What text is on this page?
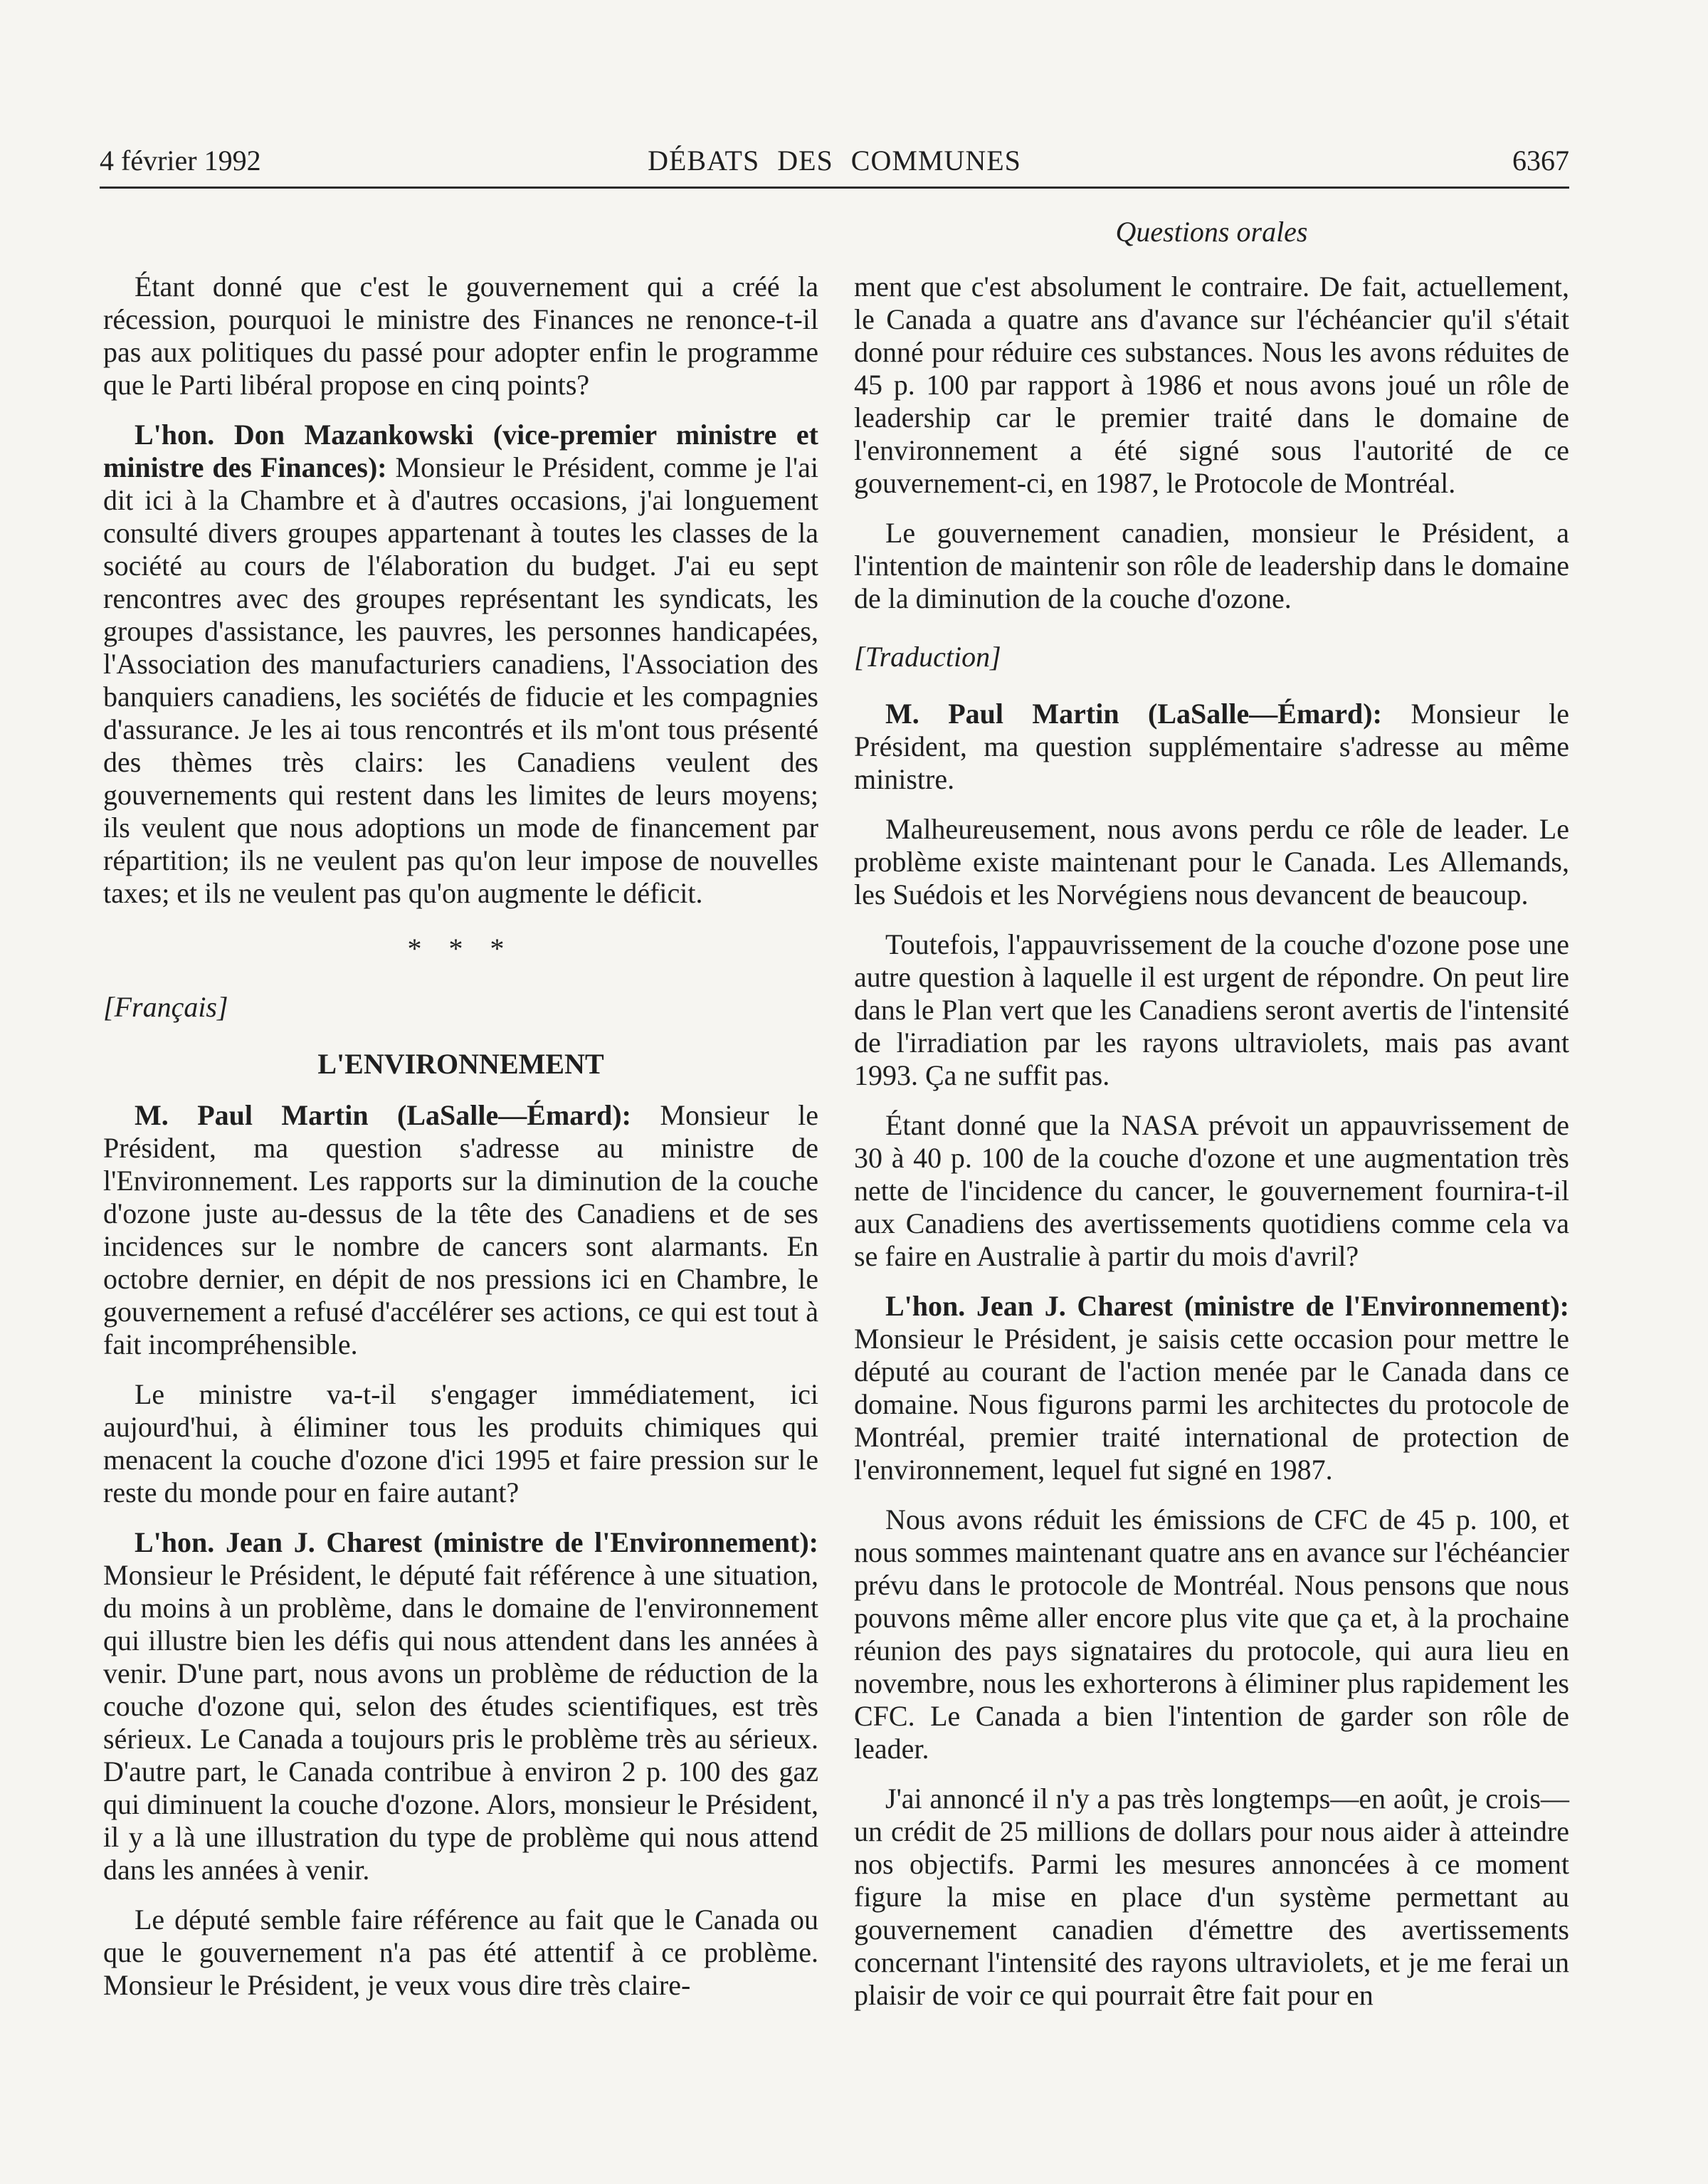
4 février 1992	DÉBATS DES COMMUNES	6367
Questions orales

Étant donné que c'est le gouvernement qui a créé la récession, pourquoi le ministre des Finances ne renonce-t-il pas aux politiques du passé pour adopter enfin le programme que le Parti libéral propose en cinq points?

L'hon. Don Mazankowski (vice-premier ministre et ministre des Finances): Monsieur le Président, comme je l'ai dit ici à la Chambre et à d'autres occasions, j'ai longuement consulté divers groupes appartenant à toutes les classes de la société au cours de l'élaboration du budget. J'ai eu sept rencontres avec des groupes représentant les syndicats, les groupes d'assistance, les pauvres, les personnes handicapées, l'Association des manufacturiers canadiens, l'Association des banquiers canadiens, les sociétés de fiducie et les compagnies d'assurance. Je les ai tous rencontrés et ils m'ont tous présenté des thèmes très clairs: les Canadiens veulent des gouvernements qui restent dans les limites de leurs moyens; ils veulent que nous adoptions un mode de financement par répartition; ils ne veulent pas qu'on leur impose de nouvelles taxes; et ils ne veulent pas qu'on augmente le déficit.

* * *

[Français]

L'ENVIRONNEMENT

M. Paul Martin (LaSalle—Émard): Monsieur le Président, ma question s'adresse au ministre de l'Environnement. Les rapports sur la diminution de la couche d'ozone juste au-dessus de la tête des Canadiens et de ses incidences sur le nombre de cancers sont alarmants. En octobre dernier, en dépit de nos pressions ici en Chambre, le gouvernement a refusé d'accélérer ses actions, ce qui est tout à fait incompréhensible.

Le ministre va-t-il s'engager immédiatement, ici aujourd'hui, à éliminer tous les produits chimiques qui menacent la couche d'ozone d'ici 1995 et faire pression sur le reste du monde pour en faire autant?

L'hon. Jean J. Charest (ministre de l'Environnement): Monsieur le Président, le député fait référence à une situation, du moins à un problème, dans le domaine de l'environnement qui illustre bien les défis qui nous attendent dans les années à venir. D'une part, nous avons un problème de réduction de la couche d'ozone qui, selon des études scientifiques, est très sérieux. Le Canada a toujours pris le problème très au sérieux. D'autre part, le Canada contribue à environ 2 p. 100 des gaz qui diminuent la couche d'ozone. Alors, monsieur le Président, il y a là une illustration du type de problème qui nous attend dans les années à venir.

Le député semble faire référence au fait que le Canada ou que le gouvernement n'a pas été attentif à ce problème. Monsieur le Président, je veux vous dire très claire-

ment que c'est absolument le contraire. De fait, actuellement, le Canada a quatre ans d'avance sur l'échéancier qu'il s'était donné pour réduire ces substances. Nous les avons réduites de 45 p. 100 par rapport à 1986 et nous avons joué un rôle de leadership car le premier traité dans le domaine de l'environnement a été signé sous l'autorité de ce gouvernement-ci, en 1987, le Protocole de Montréal.

Le gouvernement canadien, monsieur le Président, a l'intention de maintenir son rôle de leadership dans le domaine de la diminution de la couche d'ozone.

[Traduction]

M. Paul Martin (LaSalle—Émard): Monsieur le Président, ma question supplémentaire s'adresse au même ministre.

Malheureusement, nous avons perdu ce rôle de leader. Le problème existe maintenant pour le Canada. Les Allemands, les Suédois et les Norvégiens nous devancent de beaucoup.

Toutefois, l'appauvrissement de la couche d'ozone pose une autre question à laquelle il est urgent de répondre. On peut lire dans le Plan vert que les Canadiens seront avertis de l'intensité de l'irradiation par les rayons ultraviolets, mais pas avant 1993. Ça ne suffit pas.

Étant donné que la NASA prévoit un appauvrissement de 30 à 40 p. 100 de la couche d'ozone et une augmentation très nette de l'incidence du cancer, le gouvernement fournira-t-il aux Canadiens des avertissements quotidiens comme cela va se faire en Australie à partir du mois d'avril?

L'hon. Jean J. Charest (ministre de l'Environnement): Monsieur le Président, je saisis cette occasion pour mettre le député au courant de l'action menée par le Canada dans ce domaine. Nous figurons parmi les architectes du protocole de Montréal, premier traité international de protection de l'environnement, lequel fut signé en 1987.

Nous avons réduit les émissions de CFC de 45 p. 100, et nous sommes maintenant quatre ans en avance sur l'échéancier prévu dans le protocole de Montréal. Nous pensons que nous pouvons même aller encore plus vite que ça et, à la prochaine réunion des pays signataires du protocole, qui aura lieu en novembre, nous les exhorterons à éliminer plus rapidement les CFC. Le Canada a bien l'intention de garder son rôle de leader.

J'ai annoncé il n'y a pas très longtemps—en août, je crois—un crédit de 25 millions de dollars pour nous aider à atteindre nos objectifs. Parmi les mesures annoncées à ce moment figure la mise en place d'un système permettant au gouvernement canadien d'émettre des avertissements concernant l'intensité des rayons ultraviolets, et je me ferai un plaisir de voir ce qui pourrait être fait pour en
